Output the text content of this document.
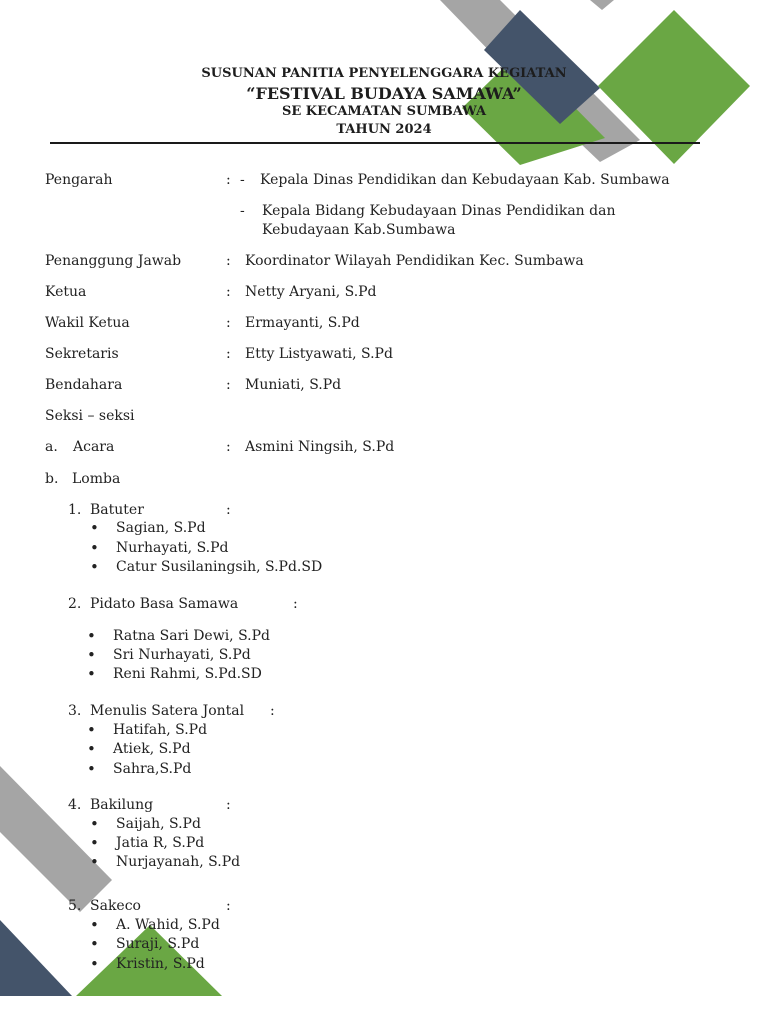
SUSUNAN PANITIA PENYELENGGARA KEGIATAN
“FESTIVAL BUDAYA SAMAWA”
SE KECAMATAN SUMBAWA
TAHUN 2024
Pengarah	: - Kepala Dinas Pendidikan dan Kebudayaan Kab. Sumbawa
- Kepala Bidang Kebudayaan Dinas Pendidikan dan Kebudayaan Kab.Sumbawa
Penanggung Jawab	: Koordinator Wilayah Pendidikan Kec. Sumbawa
Ketua	: Netty Aryani, S.Pd
Wakil Ketua	: Ermayanti, S.Pd
Sekretaris	: Etty Listyawati, S.Pd
Bendahara	: Muniati, S.Pd
Seksi – seksi
a. Acara	: Asmini Ningsih, S.Pd
b. Lomba
1. Batuter	:
• Sagian, S.Pd
• Nurhayati, S.Pd
• Catur Susilaningsih, S.Pd.SD
2. Pidato Basa Samawa	:
• Ratna Sari Dewi, S.Pd
• Sri Nurhayati, S.Pd
• Reni Rahmi, S.Pd.SD
3. Menulis Satera Jontal :
• Hatifah, S.Pd
• Atiek, S.Pd
• Sahra,S.Pd
4. Bakilung	:
• Saijah, S.Pd
• Jatia R, S.Pd
• Nurjayanah, S.Pd
5. Sakeco	:
• A. Wahid, S.Pd
• Suraji, S.Pd
• Kristin, S.Pd
